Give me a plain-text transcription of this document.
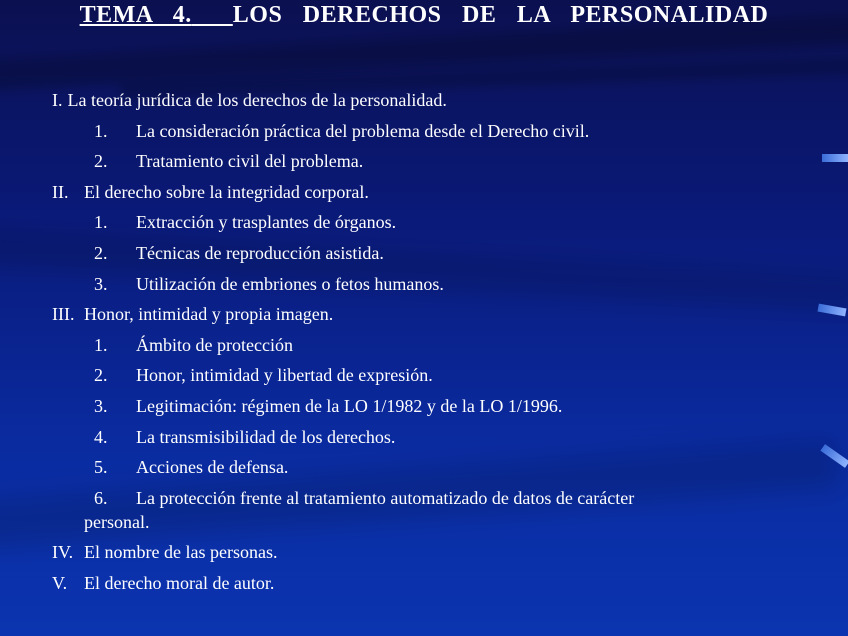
TEMA 4. LOS DERECHOS DE LA PERSONALIDAD
I. La teoría jurídica de los derechos de la personalidad.
1. La consideración práctica del problema desde el Derecho civil.
2. Tratamiento civil del problema.
II. El derecho sobre la integridad corporal.
1. Extracción y trasplantes de órganos.
2. Técnicas de reproducción asistida.
3. Utilización de embriones o fetos humanos.
III. Honor, intimidad y propia imagen.
1. Ámbito de protección
2. Honor, intimidad y libertad de expresión.
3. Legitimación: régimen de la LO 1/1982 y de la LO 1/1996.
4. La transmisibilidad de los derechos.
5. Acciones de defensa.
6. La protección frente al tratamiento automatizado de datos de carácter
personal.
IV. El nombre de las personas.
V. El derecho moral de autor.
